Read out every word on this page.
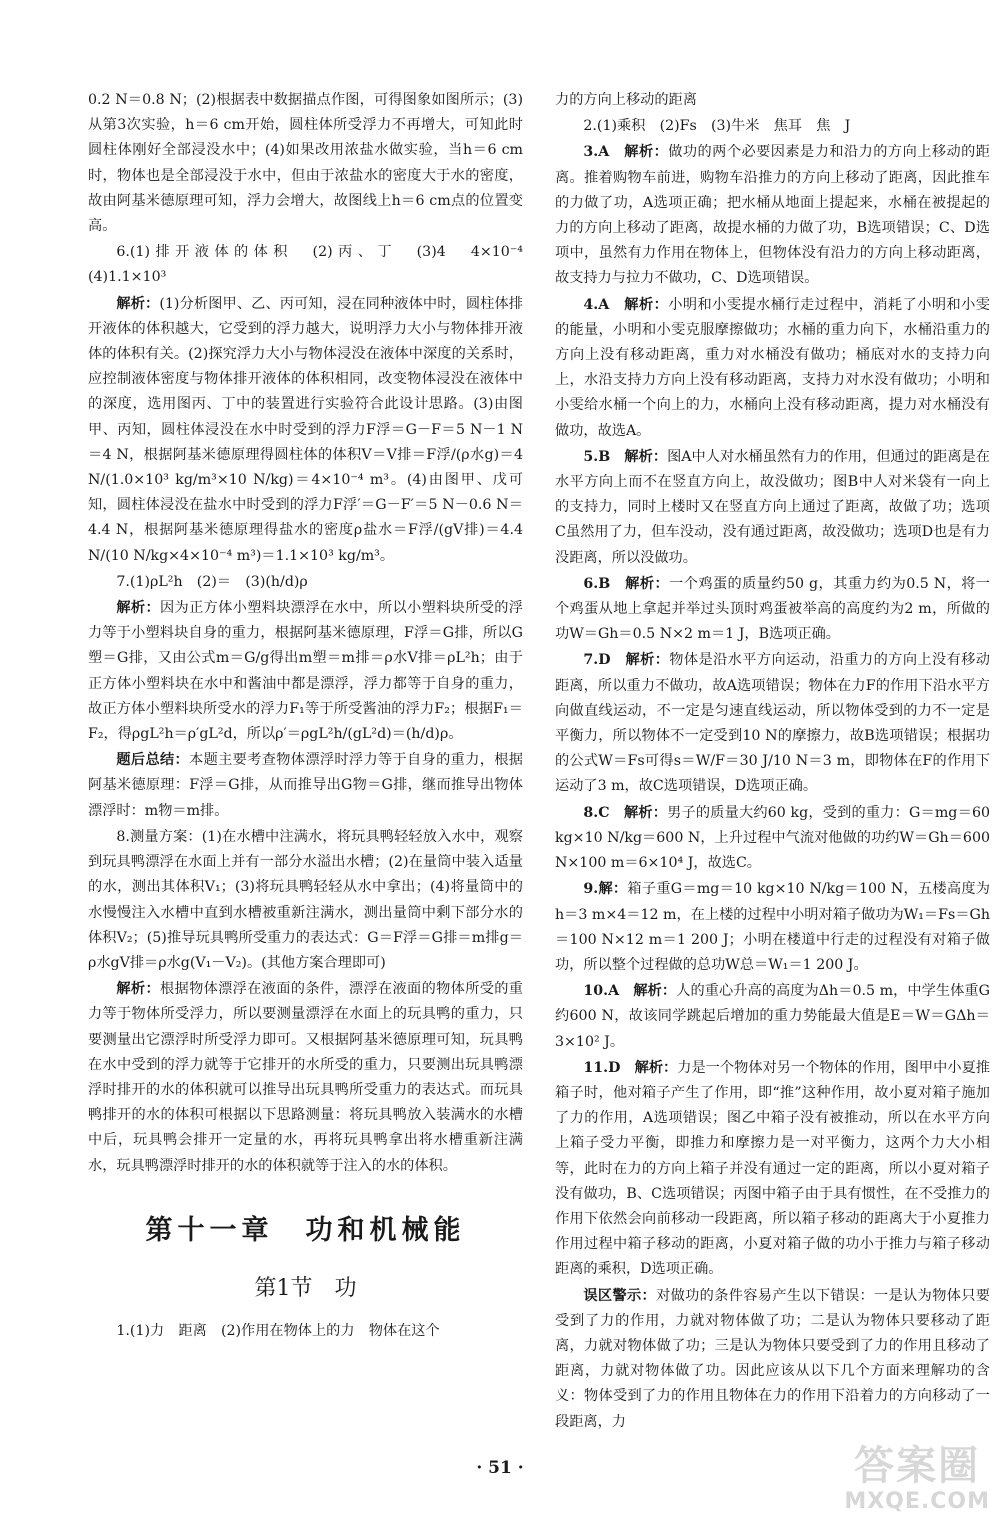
0.2 N＝0.8 N；(2)根据表中数据描点作图，可得图象如图所示；(3)从第3次实验，h＝6 cm开始，圆柱体所受浮力不再增大，可知此时圆柱体刚好全部浸没水中；(4)如果改用浓盐水做实验，当h＝6 cm时，物体也是全部浸没于水中，但由于浓盐水的密度大于水的密度，故由阿基米德原理可知，浮力会增大，故图线上h＝6 cm点的位置变高。

6.(1)排开液体的体积　(2)丙、丁　(3)4　4×10⁻⁴　(4)1.1×10³

解析：(1)分析图甲、乙、丙可知，浸在同种液体中时，圆柱体排开液体的体积越大，它受到的浮力越大，说明浮力大小与物体排开液体的体积有关。(2)探究浮力大小与物体浸没在液体中深度的关系时，应控制液体密度与物体排开液体的体积相同，改变物体浸没在液体中的深度，选用图丙、丁中的装置进行实验符合此设计思路。(3)由图甲、丙知，圆柱体浸没在水中时受到的浮力F浮＝G－F＝5 N－1 N＝4 N，根据阿基米德原理得圆柱体的体积V＝V排＝F浮/(ρ水g)＝4 N/(1.0×10³ kg/m³×10 N/kg)＝4×10⁻⁴ m³。(4)由图甲、戊可知，圆柱体浸没在盐水中时受到的浮力F浮′＝G－F′＝5 N－0.6 N＝4.4 N，根据阿基米德原理得盐水的密度ρ盐水＝F浮/(gV排)＝4.4 N/(10 N/kg×4×10⁻⁴ m³)＝1.1×10³ kg/m³。

7.(1)ρL²h　(2)＝　(3)(h/d)ρ

解析：因为正方体小塑料块漂浮在水中，所以小塑料块所受的浮力等于小塑料块自身的重力，根据阿基米德原理，F浮＝G排，所以G塑＝G排，又由公式m＝G/g得出m塑＝m排＝ρ水V排＝ρL²h；由于正方体小塑料块在水中和酱油中都是漂浮，浮力都等于自身的重力，故正方体小塑料块所受水的浮力F₁等于所受酱油的浮力F₂；根据F₁＝F₂，得ρgL²h＝ρ′gL²d，所以ρ′＝ρgL²h/(gL²d)＝(h/d)ρ。

题后总结：本题主要考查物体漂浮时浮力等于自身的重力，根据阿基米德原理：F浮＝G排，从而推导出G物＝G排，继而推导出物体漂浮时：m物＝m排。

8.测量方案：(1)在水槽中注满水，将玩具鸭轻轻放入水中，观察到玩具鸭漂浮在水面上并有一部分水溢出水槽；(2)在量筒中装入适量的水，测出其体积V₁；(3)将玩具鸭轻轻从水中拿出；(4)将量筒中的水慢慢注入水槽中直到水槽被重新注满水，测出量筒中剩下部分水的体积V₂；(5)推导玩具鸭所受重力的表达式：G＝F浮＝G排＝m排g＝ρ水gV排＝ρ水g(V₁－V₂)。(其他方案合理即可)

解析：根据物体漂浮在液面的条件，漂浮在液面的物体所受的重力等于物体所受浮力，所以要测量漂浮在水面上的玩具鸭的重力，只要测量出它漂浮时所受浮力即可。又根据阿基米德原理可知，玩具鸭在水中受到的浮力就等于它排开的水所受的重力，只要测出玩具鸭漂浮时排开的水的体积就可以推导出玩具鸭所受重力的表达式。而玩具鸭排开的水的体积可根据以下思路测量：将玩具鸭放入装满水的水槽中后，玩具鸭会排开一定量的水，再将玩具鸭拿出将水槽重新注满水，玩具鸭漂浮时排开的水的体积就等于注入的水的体积。

第十一章　功和机械能
第1节　功

1.(1)力　距离　(2)作用在物体上的力　物体在这个

力的方向上移动的距离

2.(1)乘积　(2)Fs　(3)牛米　焦耳　焦　J

3.A　解析：做功的两个必要因素是力和沿力的方向上移动的距离。推着购物车前进，购物车沿推力的方向上移动了距离，因此推车的力做了功，A选项正确；把水桶从地面上提起来，水桶在被提起的力的方向上移动了距离，故提水桶的力做了功，B选项错误；C、D选项中，虽然有力作用在物体上，但物体没有沿力的方向上移动距离，故支持力与拉力不做功，C、D选项错误。

4.A　解析：小明和小雯提水桶行走过程中，消耗了小明和小雯的能量，小明和小雯克服摩擦做功；水桶的重力向下，水桶沿重力的方向上没有移动距离，重力对水桶没有做功；桶底对水的支持力向上，水沿支持力方向上没有移动距离，支持力对水没有做功；小明和小雯给水桶一个向上的力，水桶向上没有移动距离，提力对水桶没有做功，故选A。

5.B　解析：图A中人对水桶虽然有力的作用，但通过的距离是在水平方向上而不在竖直方向上，故没做功；图B中人对米袋有一向上的支持力，同时上楼时又在竖直方向上通过了距离，故做了功；选项C虽然用了力，但车没动，没有通过距离，故没做功；选项D也是有力没距离，所以没做功。

6.B　解析：一个鸡蛋的质量约50 g，其重力约为0.5 N，将一个鸡蛋从地上拿起并举过头顶时鸡蛋被举高的高度约为2 m，所做的功W＝Gh＝0.5 N×2 m＝1 J，B选项正确。

7.D　解析：物体是沿水平方向运动，沿重力的方向上没有移动距离，所以重力不做功，故A选项错误；物体在力F的作用下沿水平方向做直线运动，不一定是匀速直线运动，所以物体受到的力不一定是平衡力，所以物体不一定受到10 N的摩擦力，故B选项错误；根据功的公式W＝Fs可得s＝W/F＝30 J/10 N＝3 m，即物体在F的作用下运动了3 m，故C选项错误，D选项正确。

8.C　解析：男子的质量大约60 kg，受到的重力：G＝mg＝60 kg×10 N/kg＝600 N，上升过程中气流对他做的功约W＝Gh＝600 N×100 m＝6×10⁴ J，故选C。

9.解：箱子重G＝mg＝10 kg×10 N/kg＝100 N，五楼高度为h＝3 m×4＝12 m，在上楼的过程中小明对箱子做功为W₁＝Fs＝Gh＝100 N×12 m＝1 200 J；小明在楼道中行走的过程没有对箱子做功，所以整个过程做的总功W总＝W₁＝1 200 J。

10.A　解析：人的重心升高的高度为Δh＝0.5 m，中学生体重G约600 N，故该同学跳起后增加的重力势能最大值是E＝W＝GΔh＝3×10² J。

11.D　解析：力是一个物体对另一个物体的作用，图甲中小夏推箱子时，他对箱子产生了作用，即“推”这种作用，故小夏对箱子施加了力的作用，A选项错误；图乙中箱子没有被推动，所以在水平方向上箱子受力平衡，即推力和摩擦力是一对平衡力，这两个力大小相等，此时在力的方向上箱子并没有通过一定的距离，所以小夏对箱子没有做功，B、C选项错误；丙图中箱子由于具有惯性，在不受推力的作用下依然会向前移动一段距离，所以箱子移动的距离大于小夏推力作用过程中箱子移动的距离，小夏对箱子做的功小于推力与箱子移动距离的乘积，D选项正确。

误区警示：对做功的条件容易产生以下错误：一是认为物体只要受到了力的作用，力就对物体做了功；二是认为物体只要移动了距离，力就对物体做了功；三是认为物体只要受到了力的作用且移动了距离，力就对物体做了功。因此应该从以下几个方面来理解功的含义：物体受到了力的作用且物体在力的作用下沿着力的方向移动了一段距离，力

· 51 ·	答案圈
MXQE.COM
